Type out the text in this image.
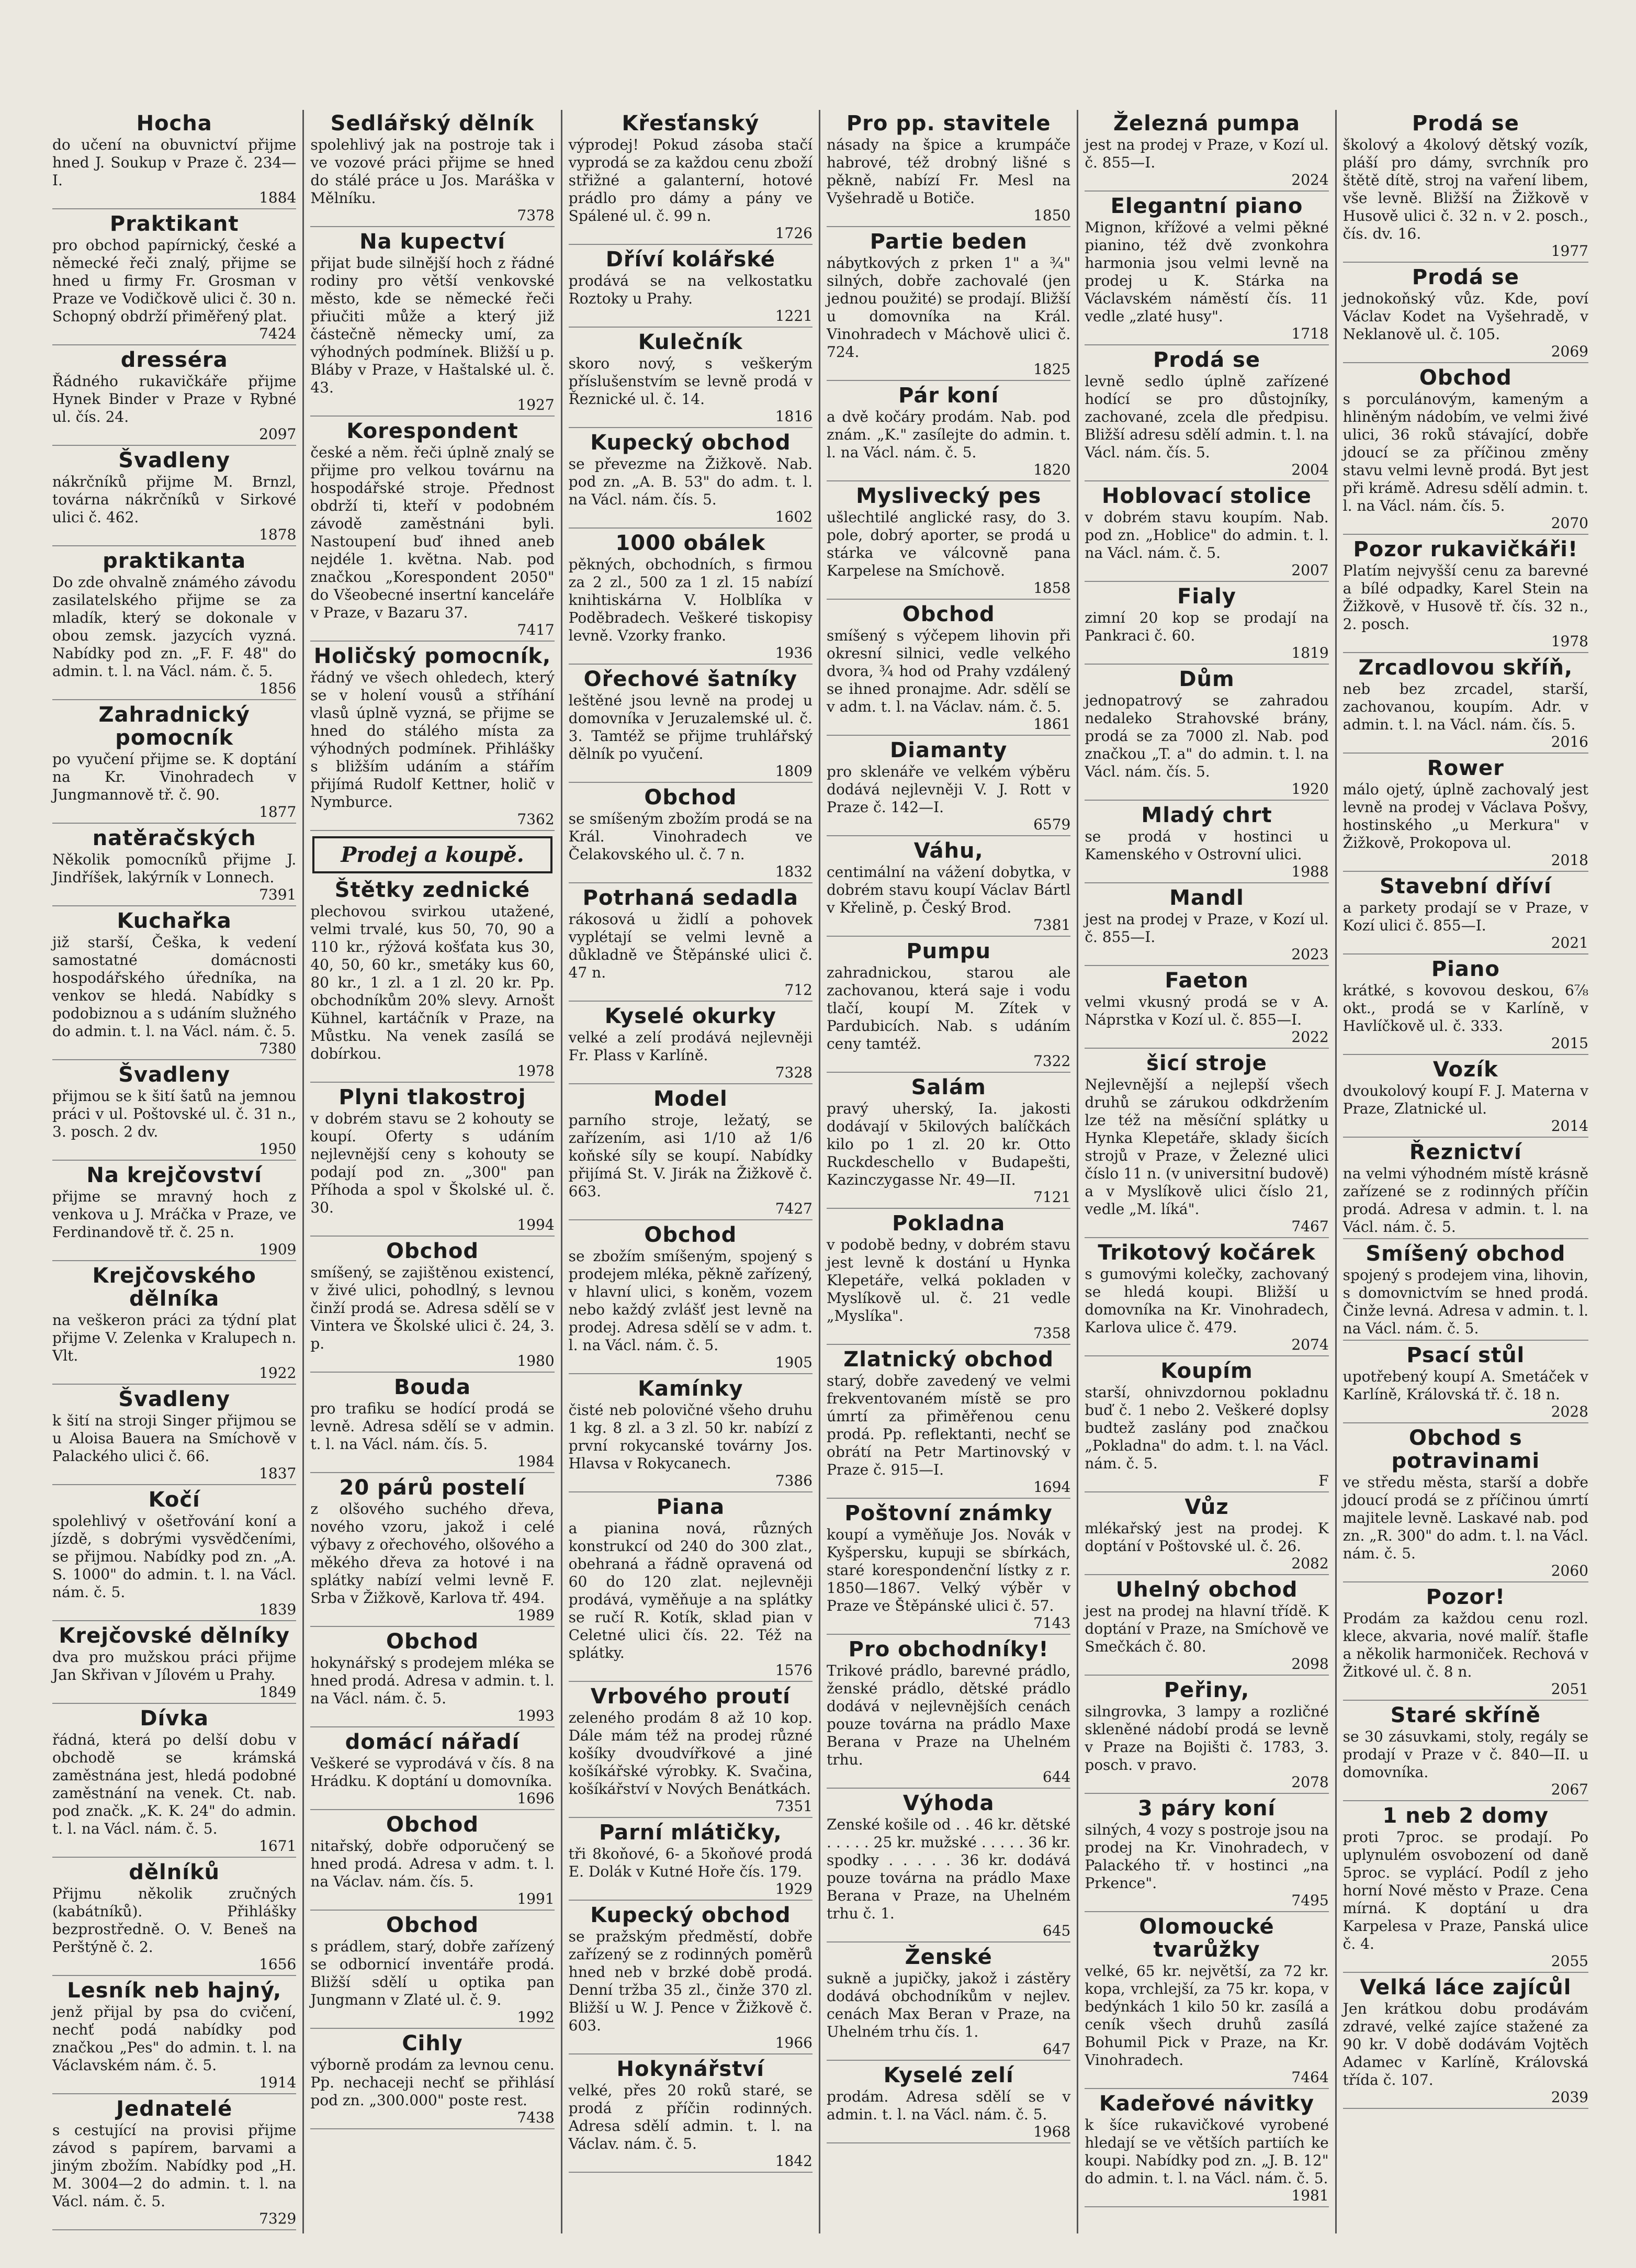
Hocha

do učení na obuvnictví přijme hned J. Soukup v Praze č. 234—I.

1884
Praktikant

pro obchod papírnický, české a německé řeči znalý, přijme se hned u firmy Fr. Grosman v Praze ve Vodičkově ulici č. 30 n. Schopný obdrží přiměřený plat.

7424
dresséra

Řádného rukavičkáře přijme Hynek Binder v Praze v Rybné ul. čís. 24.

2097
Švadleny

nákrčníků přijme M. Brnzl, továrna nákrčníků v Sirkové ulici č. 462.

1878
praktikanta

Do zde ohvalně známého závodu zasilatelského přijme se za mladík, který se dokonale v obou zemsk. jazycích vyzná. Nabídky pod zn. „F. F. 48" do admin. t. l. na Václ. nám. č. 5.

1856
Zahradnický pomocník

po vyučení přijme se. K doptání na Kr. Vinohradech v Jungmannově tř. č. 90.

1877
natěračských

Několik pomocníků přijme J. Jindříšek, lakýrník v Lonnech.

7391
Kuchařka

již starší, Češka, k vedení samostatné domácnosti hospodářského úředníka, na venkov se hledá. Nabídky s podobiznou a s udáním služného do admin. t. l. na Václ. nám. č. 5.

7380
Švadleny

přijmou se k šití šatů na jemnou práci v ul. Poštovské ul. č. 31 n., 3. posch. 2 dv.

1950
Na krejčovství

přijme se mravný hoch z venkova u J. Mráčka v Praze, ve Ferdinandově tř. č. 25 n.

1909
Krejčovského dělníka

na veškeron práci za týdní plat přijme V. Zelenka v Kralupech n. Vlt.

1922
Švadleny

k šití na stroji Singer přijmou se u Aloisa Bauera na Smíchově v Palackého ulici č. 66.

1837
Kočí

spolehlivý v ošetřování koní a jízdě, s dobrými vysvědčeními, se přijmou. Nabídky pod zn. „A. S. 1000" do admin. t. l. na Václ. nám. č. 5.

1839
Krejčovské dělníky

dva pro mužskou práci přijme Jan Skřivan v Jílovém u Prahy.

1849
Dívka

řádná, která po delší dobu v obchodě se krámská zaměstnána jest, hledá podobné zaměstnání na venek. Ct. nab. pod značk. „K. K. 24" do admin. t. l. na Václ. nám. č. 5.

1671
dělníků

Přijmu několik zručných (kabátníků). Přihlášky bezprostředně. O. V. Beneš na Perštýně č. 2.

1656
Lesník neb hajný,

jenž přijal by psa do cvičení, nechť podá nabídky pod značkou „Pes" do admin. t. l. na Václavském nám. č. 5.

1914
Jednatelé

s cestující na provisi přijme závod s papírem, barvami a jiným zbožím. Nabídky pod „H. M. 3004—2 do admin. t. l. na Václ. nám. č. 5.

7329
Sedlářský dělník

spolehlivý jak na postroje tak i ve vozové práci přijme se hned do stálé práce u Jos. Maráška v Mělníku.

7378
Na kupectví

přijat bude silnější hoch z řádné rodiny pro větší venkovské město, kde se německé řeči přiučiti může a který již částečně německy umí, za výhodných podmínek. Bližší u p. Bláby v Praze, v Haštalské ul. č. 43.

1927
Korespondent

české a něm. řeči úplně znalý se přijme pro velkou továrnu na hospodářské stroje. Přednost obdrží ti, kteří v podobném závodě zaměstnáni byli. Nastoupení buď ihned aneb nejdéle 1. května. Nab. pod značkou „Korespondent 2050" do Všeobecné insertní kanceláře v Praze, v Bazaru 37.

7417
Holičský pomocník,

řádný ve všech ohledech, který se v holení vousů a stříhání vlasů úplně vyzná, se přijme se hned do stálého místa za výhodných podmínek. Přihlášky s bližším udáním a stářím přijímá Rudolf Kettner, holič v Nymburce.

7362
Prodej a koupě.
Štětky zednické

plechovou svirkou utažené, velmi trvalé, kus 50, 70, 90 a 110 kr., rýžová košťata kus 30, 40, 50, 60 kr., smetáky kus 60, 80 kr., 1 zl. a 1 zl. 20 kr. Pp. obchodníkům 20% slevy. Arnošt Kühnel, kartáčník v Praze, na Můstku. Na venek zasílá se dobírkou.

1978
Plyni tlakostroj

v dobrém stavu se 2 kohouty se koupí. Oferty s udáním nejlevnější ceny s kohouty se podají pod zn. „300" pan Příhoda a spol v Školské ul. č. 30.

1994
Obchod

smíšený, se zajištěnou existencí, v živé ulici, pohodlný, s levnou činží prodá se. Adresa sdělí se v Vintera ve Školské ulici č. 24, 3. p.

1980
Bouda

pro trafiku se hodící prodá se levně. Adresa sdělí se v admin. t. l. na Václ. nám. čís. 5.

1984
20 párů postelí

z olšového suchého dřeva, nového vzoru, jakož i celé výbavy z ořechového, olšového a měkého dřeva za hotové i na splátky nabízí velmi levně F. Srba v Žižkově, Karlova tř. 494.

1989
Obchod

hokynářský s prodejem mléka se hned prodá. Adresa v admin. t. l. na Václ. nám. č. 5.

1993
domácí nářadí

Veškeré se vyprodává v čís. 8 na Hrádku. K doptání u domovníka.

1696
Obchod

nitařský, dobře odporučený se hned prodá. Adresa v adm. t. l. na Václav. nám. čís. 5.

1991
Obchod

s prádlem, starý, dobře zařízený se odbornicí inventáře prodá. Bližší sdělí u optika pan Jungmann v Zlaté ul. č. 9.

1992
Cihly

výborně prodám za levnou cenu. Pp. nechaceji nechť se přihlásí pod zn. „300.000" poste rest.

7438
Křesťanský

výprodej! Pokud zásoba stačí vyprodá se za každou cenu zboží střižné a galanterní, hotové prádlo pro dámy a pány ve Spálené ul. č. 99 n.

1726
Dříví kolářské

prodává se na velkostatku Roztoky u Prahy.

1221
Kulečník

skoro nový, s veškerým příslušenstvím se levně prodá v Řeznické ul. č. 14.

1816
Kupecký obchod

se převezme na Žižkově. Nab. pod zn. „A. B. 53" do adm. t. l. na Václ. nám. čís. 5.

1602
1000 obálek

pěkných, obchodních, s firmou za 2 zl., 500 za 1 zl. 15 nabízí knihtiskárna V. Holblíka v Poděbradech. Veškeré tiskopisy levně. Vzorky franko.

1936
Ořechové šatníky

leštěné jsou levně na prodej u domovníka v Jeruzalemské ul. č. 3. Tamtéž se přijme truhlářský dělník po vyučení.

1809
Obchod

se smíšeným zbožím prodá se na Král. Vinohradech ve Čelakovského ul. č. 7 n.

1832
Potrhaná sedadla

rákosová u židlí a pohovek vyplétají se velmi levně a důkladně ve Štěpánské ulici č. 47 n.

712
Kyselé okurky

velké a zelí prodává nejlevněji Fr. Plass v Karlíně.

7328
Model

parního stroje, ležatý, se zařízením, asi 1/10 až 1/6 koňské síly se koupí. Nabídky přijímá St. V. Jirák na Žižkově č. 663.

7427
Obchod

se zbožím smíšeným, spojený s prodejem mléka, pěkně zařízený, v hlavní ulici, s koněm, vozem nebo každý zvlášť jest levně na prodej. Adresa sdělí se v adm. t. l. na Václ. nám. č. 5.

1905
Kamínky

čisté neb polovičné všeho druhu 1 kg. 8 zl. a 3 zl. 50 kr. nabízí z první rokycanské továrny Jos. Hlavsa v Rokycanech.

7386
Piana

a pianina nová, různých konstrukcí od 240 do 300 zlat., obehraná a řádně opravená od 60 do 120 zlat. nejlevněji prodává, vyměňuje a na splátky se ručí R. Kotík, sklad pian v Celetné ulici čís. 22. Též na splátky.

1576
Vrbového proutí

zeleného prodám 8 až 10 kop. Dále mám též na prodej různé košíky dvoudvířkové a jiné košíkářské výrobky. K. Svačina, košíkářství v Nových Benátkách.

7351
Parní mlátičky,

tři 8koňové, 6- a 5koňové prodá E. Dolák v Kutné Hoře čís. 179.

1929
Kupecký obchod

se pražským předměstí, dobře zařízený se z rodinných poměrů hned neb v brzké době prodá. Denní tržba 35 zl., činže 370 zl. Bližší u W. J. Pence v Žižkově č. 603.

1966
Hokynářství

velké, přes 20 roků staré, se prodá z příčin rodinných. Adresa sdělí admin. t. l. na Václav. nám. č. 5.

1842
Pro pp. stavitele

násady na špice a krumpáče habrové, též drobný lišné s pěkně, nabízí Fr. Mesl na Vyšehradě u Botiče.

1850
Partie beden

nábytkových z prken 1" a ¾" silných, dobře zachovalé (jen jednou použité) se prodají. Bližší u domovníka na Král. Vinohradech v Máchově ulici č. 724.

1825
Pár koní

a dvě kočáry prodám. Nab. pod znám. „K." zasílejte do admin. t. l. na Václ. nám. č. 5.

1820
Myslivecký pes

ušlechtilé anglické rasy, do 3. pole, dobrý aporter, se prodá u stárka ve válcovně pana Karpelese na Smíchově.

1858
Obchod

smíšený s výčepem lihovin při okresní silnici, vedle velkého dvora, ¾ hod od Prahy vzdálený se ihned pronajme. Adr. sdělí se v adm. t. l. na Václav. nám. č. 5.

1861
Diamanty

pro sklenáře ve velkém výběru dodává nejlevněji V. J. Rott v Praze č. 142—I.

6579
Váhu,

centimální na vážení dobytka, v dobrém stavu koupí Václav Bártl v Křelině, p. Český Brod.

7381
Pumpu

zahradnickou, starou ale zachovanou, která saje i vodu tlačí, koupí M. Zítek v Pardubicích. Nab. s udáním ceny tamtéž.

7322
Salám

pravý uherský, Ia. jakosti dodávají v 5kilových balíčkách kilo po 1 zl. 20 kr. Otto Ruckdeschello v Budapešti, Kazinczygasse Nr. 49—II.

7121
Pokladna

v podobě bedny, v dobrém stavu jest levně k dostání u Hynka Klepetáře, velká pokladen v Myslíkově ul. č. 21 vedle „Myslíka".

7358
Zlatnický obchod

starý, dobře zavedený ve velmi frekventovaném místě se pro úmrtí za přiměřenou cenu prodá. Pp. reflektanti, nechť se obrátí na Petr Martinovský v Praze č. 915—I.

1694
Poštovní známky

koupí a vyměňuje Jos. Novák v Kyšpersku, kupuji se sbírkách, staré korespondenční lístky z r. 1850—1867. Velký výběr v Praze ve Štěpánské ulici č. 57.

7143
Pro obchodníky!

Trikové prádlo, barevné prádlo, ženské prádlo, dětské prádlo dodává v nejlevnějších cenách pouze továrna na prádlo Maxe Berana v Praze na Uhelném trhu.

644
Výhoda

Zenské košile od . . 46 kr. dětské . . . . . 25 kr. mužské . . . . . 36 kr. spodky . . . . . 36 kr. dodává pouze továrna na prádlo Maxe Berana v Praze, na Uhelném trhu č. 1.

645
Ženské

sukně a jupičky, jakož i zástěry dodává obchodníkům v nejlev. cenách Max Beran v Praze, na Uhelném trhu čís. 1.

647
Kyselé zelí

prodám. Adresa sdělí se v admin. t. l. na Václ. nám. č. 5.

1968
Železná pumpa

jest na prodej v Praze, v Kozí ul. č. 855—I.

2024
Elegantní piano

Mignon, křížové a velmi pěkné pianino, též dvě zvonkohra harmonia jsou velmi levně na prodej u K. Stárka na Václavském náměstí čís. 11 vedle „zlaté husy".

1718
Prodá se

levně sedlo úplně zařízené hodící se pro důstojníky, zachované, zcela dle předpisu. Bližší adresu sdělí admin. t. l. na Václ. nám. čís. 5.

2004
Hoblovací stolice

v dobrém stavu koupím. Nab. pod zn. „Hoblice" do admin. t. l. na Václ. nám. č. 5.

2007
Fialy

zimní 20 kop se prodají na Pankraci č. 60.

1819
Dům

jednopatrový se zahradou nedaleko Strahovské brány, prodá se za 7000 zl. Nab. pod značkou „T. a" do admin. t. l. na Václ. nám. čís. 5.

1920
Mladý chrt

se prodá v hostinci u Kamenského v Ostrovní ulici.

1988
Mandl

jest na prodej v Praze, v Kozí ul. č. 855—I.

2023
Faeton

velmi vkusný prodá se v A. Náprstka v Kozí ul. č. 855—I.

2022
šicí stroje

Nejlevnější a nejlepší všech druhů se zárukou odkdržením lze též na měsíční splátky u Hynka Klepetáře, sklady šicích strojů v Praze, v Železné ulici číslo 11 n. (v universitní budově) a v Myslíkově ulici číslo 21, vedle „M. líká".

7467
Trikotový kočárek

s gumovými kolečky, zachovaný se hledá koupi. Bližší u domovníka na Kr. Vinohradech, Karlova ulice č. 479.

2074
Koupím

starší, ohnivzdornou pokladnu buď č. 1 nebo 2. Veškeré doplsy budtež zaslány pod značkou „Pokladna" do adm. t. l. na Václ. nám. č. 5.

F
Vůz

mlékařský jest na prodej. K doptání v Poštovské ul. č. 26.

2082
Uhelný obchod

jest na prodej na hlavní třídě. K doptání v Praze, na Smíchově ve Smečkách č. 80.

2098
Peřiny,

silngrovka, 3 lampy a rozličné skleněné nádobí prodá se levně v Praze na Bojišti č. 1783, 3. posch. v pravo.

2078
3 páry koní

silných, 4 vozy s postroje jsou na prodej na Kr. Vinohradech, v Palackého tř. v hostinci „na Prkence".

7495
Olomoucké tvarůžky

velké, 65 kr. největší, za 72 kr. kopa, vrchlejší, za 75 kr. kopa, v bedýnkách 1 kilo 50 kr. zasílá a ceník všech druhů zasílá Bohumil Pick v Praze, na Kr. Vinohradech.

7464
Kadeřové návitky

k šíce rukavičkové vyrobené hledají se ve větších partiích ke koupi. Nabídky pod zn. „J. B. 12" do admin. t. l. na Václ. nám. č. 5.

1981
Prodá se

školový a 4kolový dětský vozík, pláší pro dámy, svrchník pro štětě dítě, stroj na vaření libem, vše levně. Bližší na Žižkově v Husově ulici č. 32 n. v 2. posch., čís. dv. 16.

1977
Prodá se

jednokoňský vůz. Kde, poví Václav Kodet na Vyšehradě, v Neklanově ul. č. 105.

2069
Obchod

s porculánovým, kameným a hliněným nádobím, ve velmi živé ulici, 36 roků stávající, dobře jdoucí se za příčinou změny stavu velmi levně prodá. Byt jest při krámě. Adresu sdělí admin. t. l. na Václ. nám. čís. 5.

2070
Pozor rukavičkáři!

Platím nejvyšší cenu za barevné a bílé odpadky, Karel Stein na Žižkově, v Husově tř. čís. 32 n., 2. posch.

1978
Zrcadlovou skříň,

neb bez zrcadel, starší, zachovanou, koupím. Adr. v admin. t. l. na Václ. nám. čís. 5.

2016
Rower

málo ojetý, úplně zachovalý jest levně na prodej v Václava Pošvy, hostinského „u Merkura" v Žižkově, Prokopova ul.

2018
Stavební dříví

a parkety prodají se v Praze, v Kozí ulici č. 855—I.

2021
Piano

krátké, s kovovou deskou, 6⅞ okt., prodá se v Karlíně, v Havlíčkově ul. č. 333.

2015
Vozík

dvoukolový koupí F. J. Materna v Praze, Zlatnické ul.

2014
Řeznictví

na velmi výhodném místě krásně zařízené se z rodinných příčin prodá. Adresa v admin. t. l. na Václ. nám. č. 5.

Smíšený obchod

spojený s prodejem vina, lihovin, s domovnictvím se hned prodá. Činže levná. Adresa v admin. t. l. na Václ. nám. č. 5.

Psací stůl

upotřebený koupí A. Smetáček v Karlíně, Královská tř. č. 18 n.

2028
Obchod s potravinami

ve středu města, starší a dobře jdoucí prodá se z příčinou úmrtí majitele levně. Laskavé nab. pod zn. „R. 300" do adm. t. l. na Václ. nám. č. 5.

2060
Pozor!

Prodám za každou cenu rozl. klece, akvaria, nové malíř. štafle a několik harmoniček. Rechová v Žitkové ul. č. 8 n.

2051
Staré skříně

se 30 zásuvkami, stoly, regály se prodají v Praze v č. 840—II. u domovníka.

2067
1 neb 2 domy

proti 7proc. se prodají. Po uplynulém osvobození od daně 5proc. se vyplácí. Podíl z jeho horní Nové město v Praze. Cena mírná. K doptání u dra Karpelesa v Praze, Panská ulice č. 4.

2055
Velká láce zajícůl

Jen krátkou dobu prodávám zdravé, velké zajíce stažené za 90 kr. V době dodávám Vojtěch Adamec v Karlíně, Královská třída č. 107.

2039
